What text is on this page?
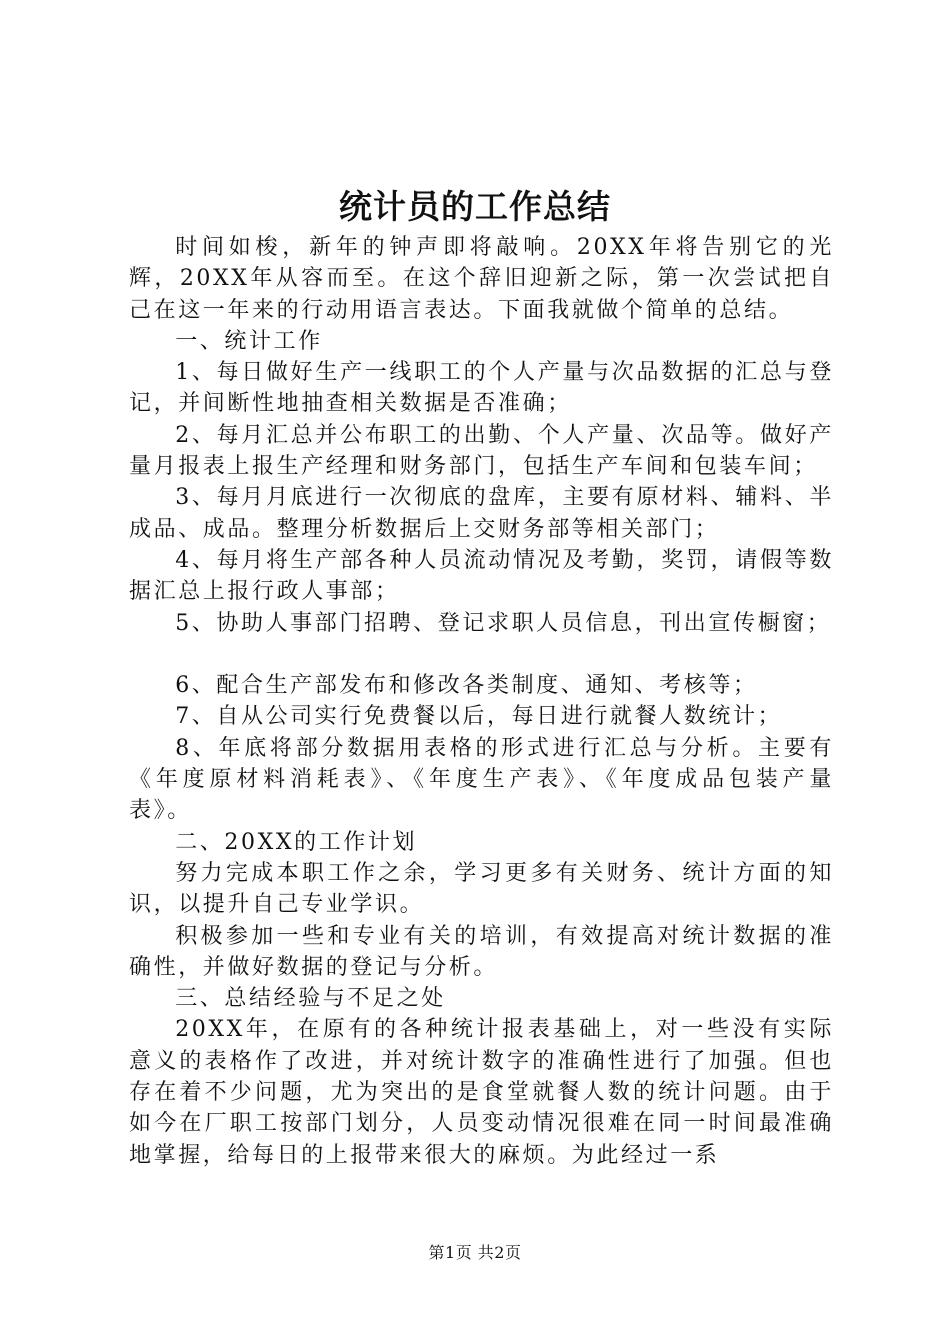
统计员的工作总结

时间如梭，新年的钟声即将敲响。20XX年将告别它的光辉，20XX年从容而至。在这个辞旧迎新之际，第一次尝试把自己在这一年来的行动用语言表达。下面我就做个简单的总结。

一、统计工作

1、每日做好生产一线职工的个人产量与次品数据的汇总与登记，并间断性地抽查相关数据是否准确；

2、每月汇总并公布职工的出勤、个人产量、次品等。做好产量月报表上报生产经理和财务部门，包括生产车间和包装车间；

3、每月月底进行一次彻底的盘库，主要有原材料、辅料、半成品、成品。整理分析数据后上交财务部等相关部门；

4、每月将生产部各种人员流动情况及考勤，奖罚，请假等数据汇总上报行政人事部；

5、协助人事部门招聘、登记求职人员信息，刊出宣传橱窗；

6、配合生产部发布和修改各类制度、通知、考核等；

7、自从公司实行免费餐以后，每日进行就餐人数统计；

8、年底将部分数据用表格的形式进行汇总与分析。主要有《年度原材料消耗表》、《年度生产表》、《年度成品包装产量表》。

二、20XX的工作计划

努力完成本职工作之余，学习更多有关财务、统计方面的知识，以提升自己专业学识。

积极参加一些和专业有关的培训，有效提高对统计数据的准确性，并做好数据的登记与分析。

三、总结经验与不足之处

20XX年，在原有的各种统计报表基础上，对一些没有实际意义的表格作了改进，并对统计数字的准确性进行了加强。但也存在着不少问题，尤为突出的是食堂就餐人数的统计问题。由于如今在厂职工按部门划分，人员变动情况很难在同一时间最准确地掌握，给每日的上报带来很大的麻烦。为此经过一系

第1页 共2页
